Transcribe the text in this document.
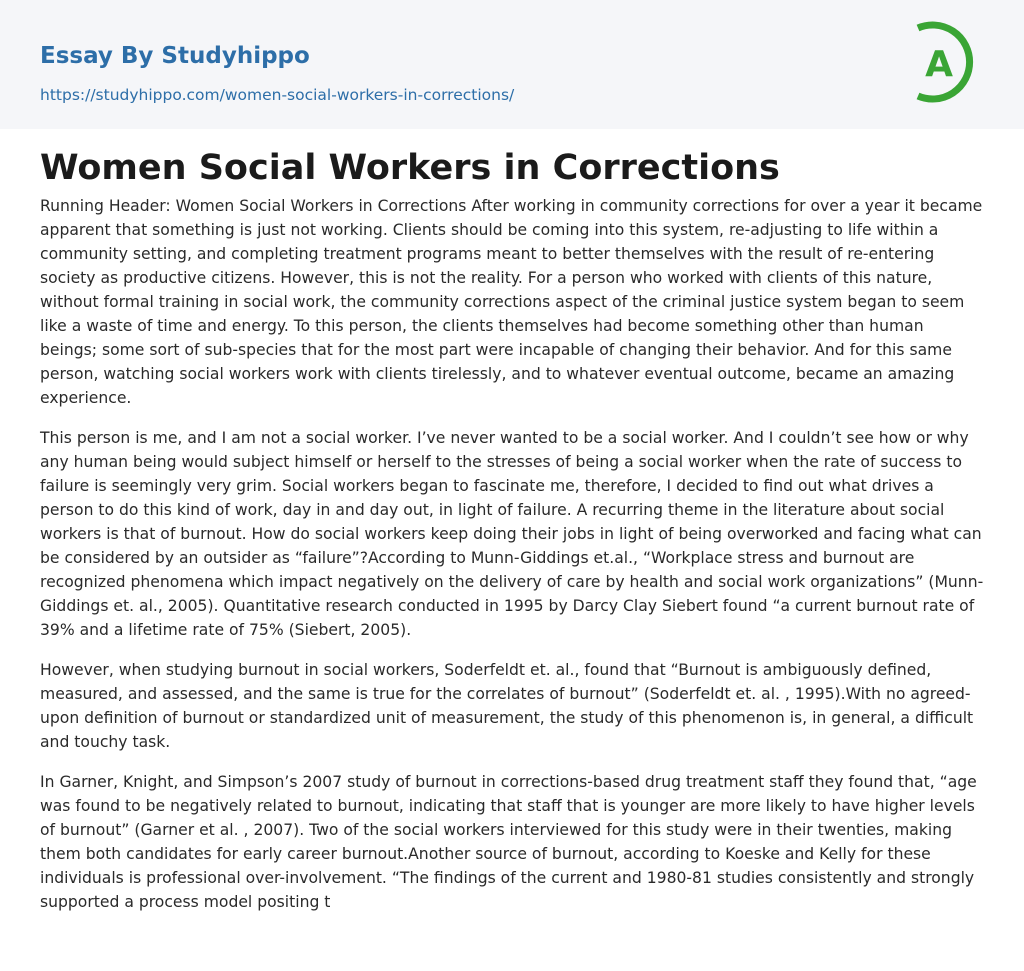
Essay By Studyhippo
https://studyhippo.com/women-social-workers-in-corrections/
A
Women Social Workers in Corrections

Running Header: Women Social Workers in Corrections After working in community corrections for over a year it became apparent that something is just not working. Clients should be coming into this system, re-adjusting to life within a community setting, and completing treatment programs meant to better themselves with the result of re-entering society as productive citizens. However, this is not the reality. For a person who worked with clients of this nature, without formal training in social work, the community corrections aspect of the criminal justice system began to seem like a waste of time and energy. To this person, the clients themselves had become something other than human beings; some sort of sub-species that for the most part were incapable of changing their behavior. And for this same person, watching social workers work with clients tirelessly, and to whatever eventual outcome, became an amazing experience.

This person is me, and I am not a social worker. I’ve never wanted to be a social worker. And I couldn’t see how or why any human being would subject himself or herself to the stresses of being a social worker when the rate of success to failure is seemingly very grim. Social workers began to fascinate me, therefore, I decided to find out what drives a person to do this kind of work, day in and day out, in light of failure. A recurring theme in the literature about social workers is that of burnout. How do social workers keep doing their jobs in light of being overworked and facing what can be considered by an outsider as “failure”?According to Munn-Giddings et.al., “Workplace stress and burnout are recognized phenomena which impact negatively on the delivery of care by health and social work organizations” (Munn-Giddings et. al., 2005). Quantitative research conducted in 1995 by Darcy Clay Siebert found “a current burnout rate of 39% and a lifetime rate of 75% (Siebert, 2005).

However, when studying burnout in social workers, Soderfeldt et. al., found that “Burnout is ambiguously defined, measured, and assessed, and the same is true for the correlates of burnout” (Soderfeldt et. al. , 1995).With no agreed-upon definition of burnout or standardized unit of measurement, the study of this phenomenon is, in general, a difficult and touchy task.

In Garner, Knight, and Simpson’s 2007 study of burnout in corrections-based drug treatment staff they found that, “age was found to be negatively related to burnout, indicating that staff that is younger are more likely to have higher levels of burnout” (Garner et al. , 2007). Two of the social workers interviewed for this study were in their twenties, making them both candidates for early career burnout.Another source of burnout, according to Koeske and Kelly for these individuals is professional over-involvement. “The findings of the current and 1980-81 studies consistently and strongly supported a process model positing t
